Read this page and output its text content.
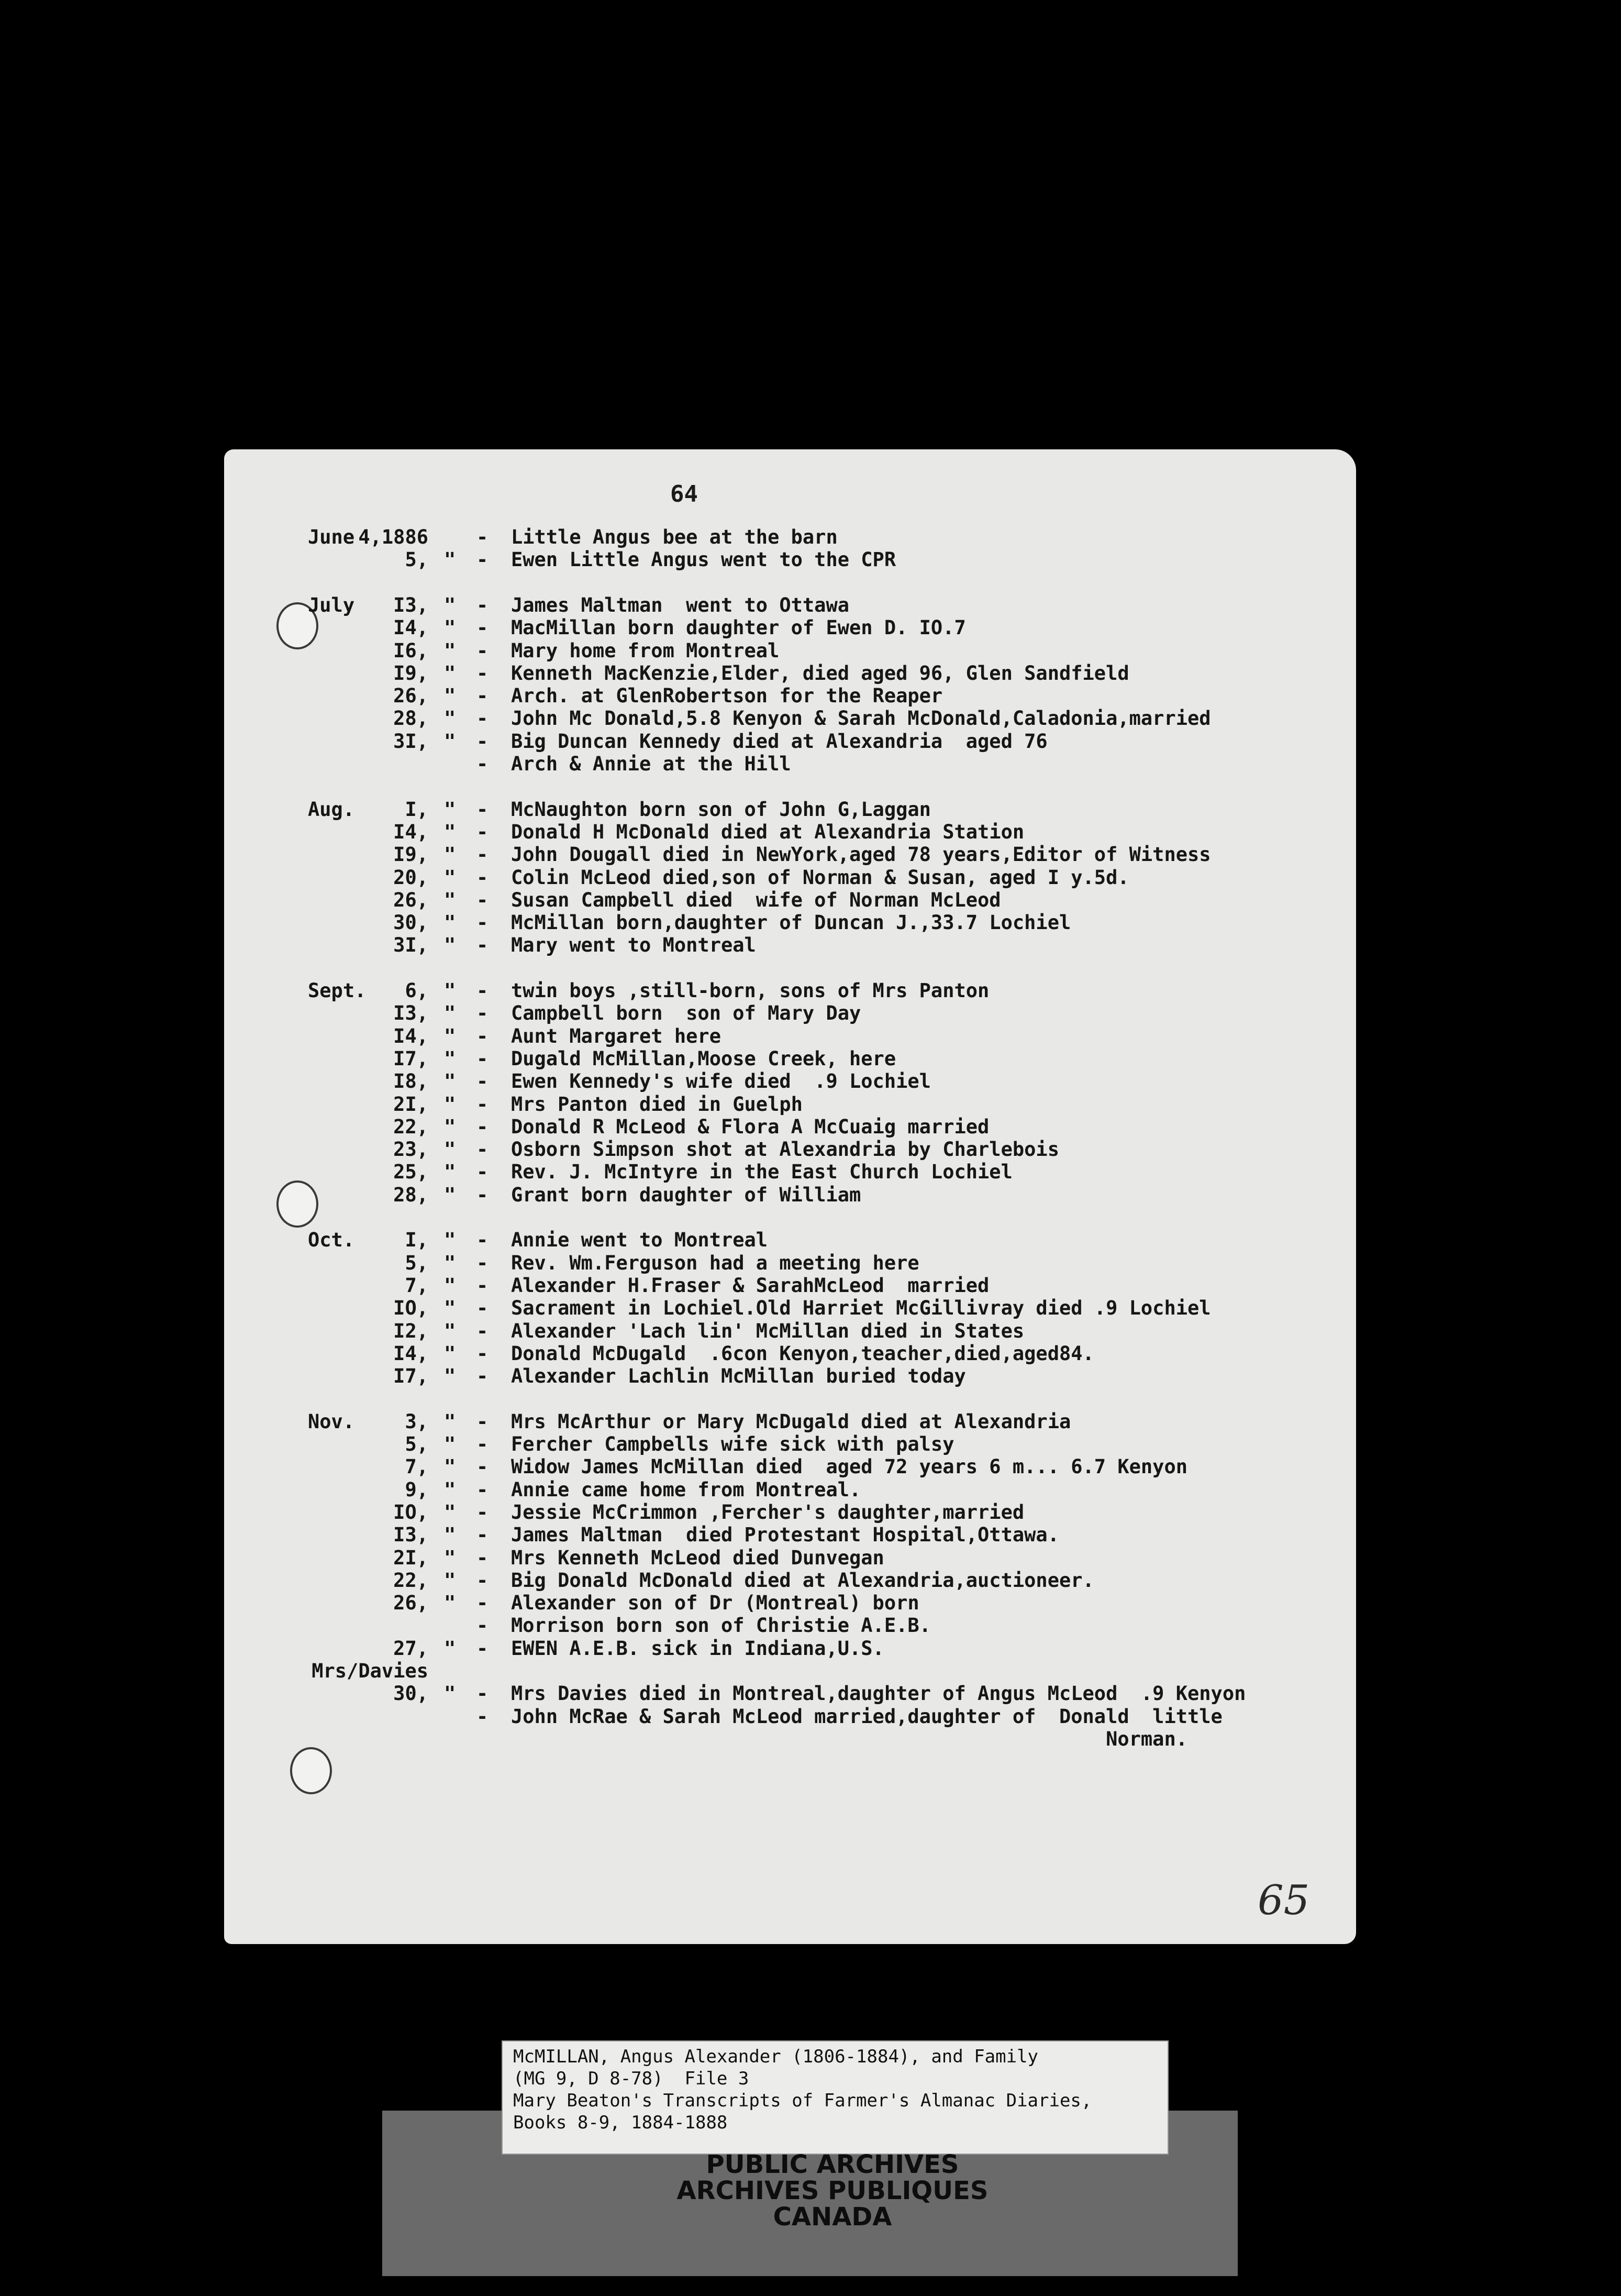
64
June 4,1886 - Little Angus bee at the barn
5, " - Ewen Little Angus went to the CPR
July I3, " - James Maltman  went to Ottawa
I4, " - MacMillan born daughter of Ewen D. IO.7
I6, " - Mary home from Montreal
I9, " - Kenneth MacKenzie,Elder, died aged 96, Glen Sandfield
26, " - Arch. at GlenRobertson for the Reaper
28, " - John Mc Donald,5.8 Kenyon & Sarah McDonald,Caladonia,married
3I, " - Big Duncan Kennedy died at Alexandria  aged 76
- Arch & Annie at the Hill
Aug.	I, " - McNaughton born son of John G,Laggan
I4, " - Donald H McDonald died at Alexandria Station
I9, " - John Dougall died in NewYork,aged 78 years,Editor of Witness
20, " - Colin McLeod died,son of Norman & Susan, aged I y.5d.
26, " - Susan Campbell died  wife of Norman McLeod
30, " - McMillan born,daughter of Duncan J.,33.7 Lochiel
3I, " - Mary went to Montreal
Sept. 6, " - twin boys ,still-born, sons of Mrs Panton
I3, " - Campbell born  son of Mary Day
I4, " - Aunt Margaret here
I7, " - Dugald McMillan,Moose Creek, here
I8, " - Ewen Kennedy's wife died  .9 Lochiel
2I, " - Mrs Panton died in Guelph
22, " - Donald R McLeod & Flora A McCuaig married
23, " - Osborn Simpson shot at Alexandria by Charlebois
25, " - Rev. J. McIntyre in the East Church Lochiel
28, " - Grant born daughter of William
Oct.	I, " - Annie went to Montreal
5, " - Rev. Wm.Ferguson had a meeting here
7, " - Alexander H.Fraser & SarahMcLeod  married
IO, " - Sacrament in Lochiel.Old Harriet McGillivray died .9 Lochiel
I2, " - Alexander 'Lach lin' McMillan died in States
I4, " - Donald McDugald  .6con Kenyon,teacher,died,aged84.
I7, " - Alexander Lachlin McMillan buried today
Nov.	3, " - Mrs McArthur or Mary McDugald died at Alexandria
5, " - Fercher Campbells wife sick with palsy
7, " - Widow James McMillan died  aged 72 years 6 m... 6.7 Kenyon
9, " - Annie came home from Montreal.
IO, " - Jessie McCrimmon ,Fercher's daughter,married
I3, " - James Maltman  died Protestant Hospital,Ottawa.
2I, " - Mrs Kenneth McLeod died Dunvegan
22, " - Big Donald McDonald died at Alexandria,auctioneer.
26, " - Alexander son of Dr (Montreal) born
- Morrison born son of Christie A.E.B.
27, " - EWEN A.E.B. sick in Indiana,U.S.
Mrs/Davies
30, " - Mrs Davies died in Montreal,daughter of Angus McLeod  .9 Kenyon
- John McRae & Sarah McLeod married,daughter of  Donald  little
Norman.
65
McMILLAN, Angus Alexander (1806-1884), and Family
(MG 9, D 8-78)  File 3
Mary Beaton's Transcripts of Farmer's Almanac Diaries,
Books 8-9, 1884-1888
PUBLIC ARCHIVES
ARCHIVES PUBLIQUES
CANADA
